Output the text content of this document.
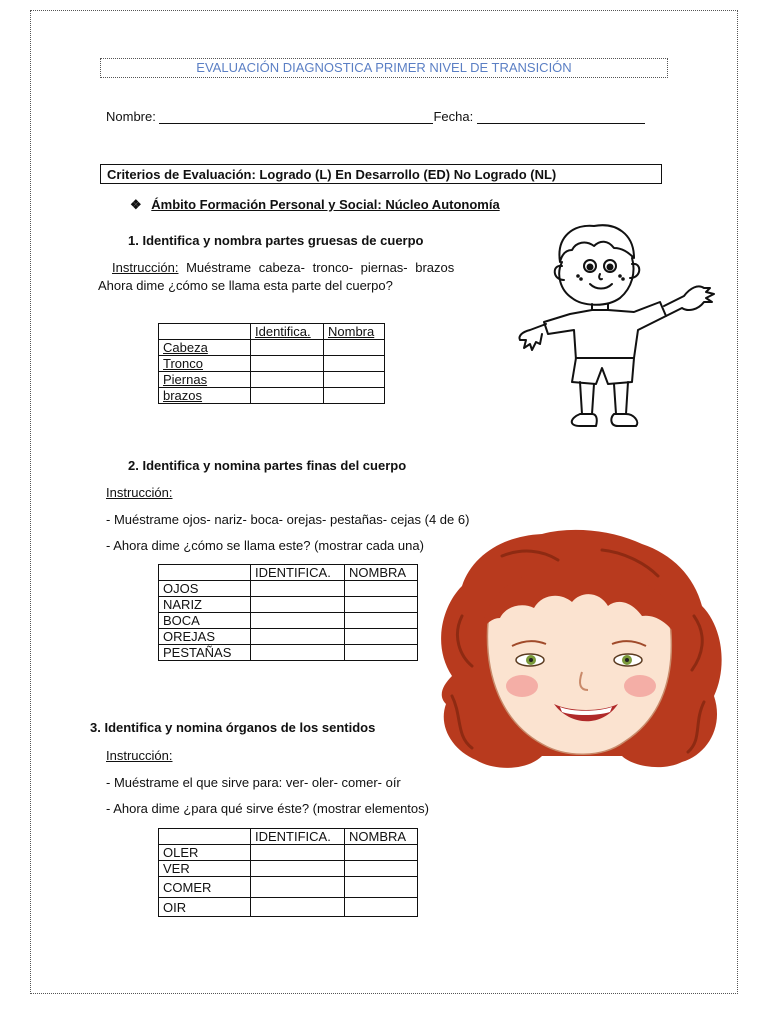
EVALUACIÓN DIAGNOSTICA PRIMER NIVEL DE TRANSICIÓN
Nombre:	Fecha:
Criterios de Evaluación: Logrado (L) En Desarrollo (ED) No Logrado (NL)
❖ Ámbito Formación Personal y Social: Núcleo Autonomía
1. Identifica y nombra partes gruesas de cuerpo
Instrucción: Muéstrame cabeza- tronco- piernas- brazos
Ahora dime ¿cómo se llama esta parte del cuerpo?
	Identifica.	Nombra
Cabeza		
Tronco		
Piernas		
brazos		
2. Identifica y nomina partes finas del cuerpo
Instrucción:
- Muéstrame ojos- nariz- boca- orejas- pestañas- cejas (4 de 6)
- Ahora dime ¿cómo se llama este? (mostrar cada una)
	IDENTIFICA.	NOMBRA
OJOS		
NARIZ		
BOCA		
OREJAS		
PESTAÑAS		
3. Identifica y nomina órganos de los sentidos
Instrucción:
- Muéstrame el que sirve para: ver- oler- comer- oír
- Ahora dime ¿para qué sirve éste? (mostrar elementos)
	IDENTIFICA.	NOMBRA
OLER		
VER		
COMER		
OIR		
